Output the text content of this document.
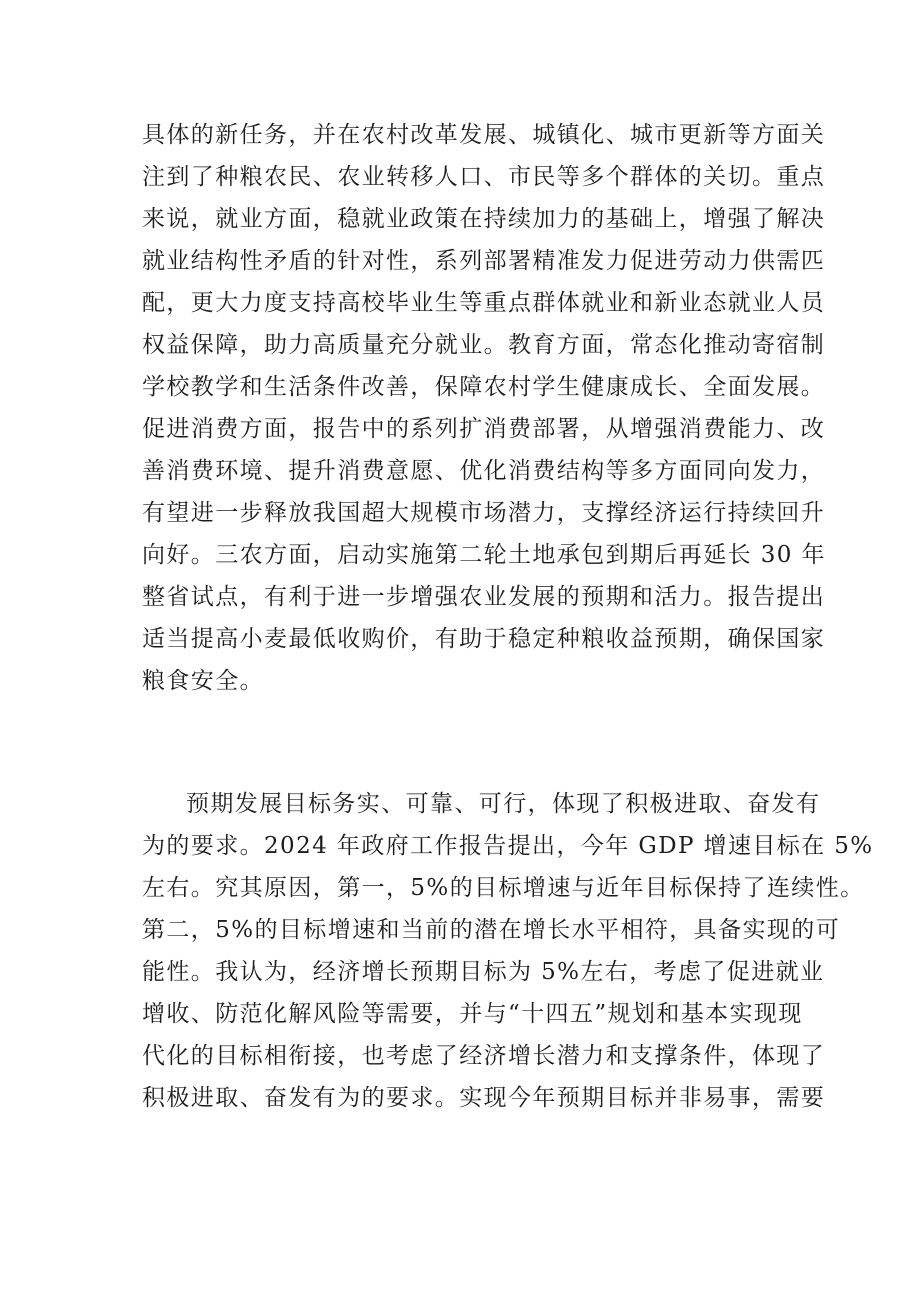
具体的新任务，并在农村改革发展、城镇化、城市更新等方面关
注到了种粮农民、农业转移人口、市民等多个群体的关切。重点
来说，就业方面，稳就业政策在持续加力的基础上，增强了解决
就业结构性矛盾的针对性，系列部署精准发力促进劳动力供需匹
配，更大力度支持高校毕业生等重点群体就业和新业态就业人员
权益保障，助力高质量充分就业。教育方面，常态化推动寄宿制
学校教学和生活条件改善，保障农村学生健康成长、全面发展。
促进消费方面，报告中的系列扩消费部署，从增强消费能力、改
善消费环境、提升消费意愿、优化消费结构等多方面同向发力，
有望进一步释放我国超大规模市场潜力，支撑经济运行持续回升
向好。三农方面，启动实施第二轮土地承包到期后再延长 30 年
整省试点，有利于进一步增强农业发展的预期和活力。报告提出
适当提高小麦最低收购价，有助于稳定种粮收益预期，确保国家
粮食安全。
预期发展目标务实、可靠、可行，体现了积极进取、奋发有
为的要求。2024 年政府工作报告提出，今年 GDP 增速目标在 5%
左右。究其原因，第一，5%的目标增速与近年目标保持了连续性。
第二，5%的目标增速和当前的潜在增长水平相符，具备实现的可
能性。我认为，经济增长预期目标为 5%左右，考虑了促进就业
增收、防范化解风险等需要，并与“十四五”规划和基本实现现
代化的目标相衔接，也考虑了经济增长潜力和支撑条件，体现了
积极进取、奋发有为的要求。实现今年预期目标并非易事，需要
